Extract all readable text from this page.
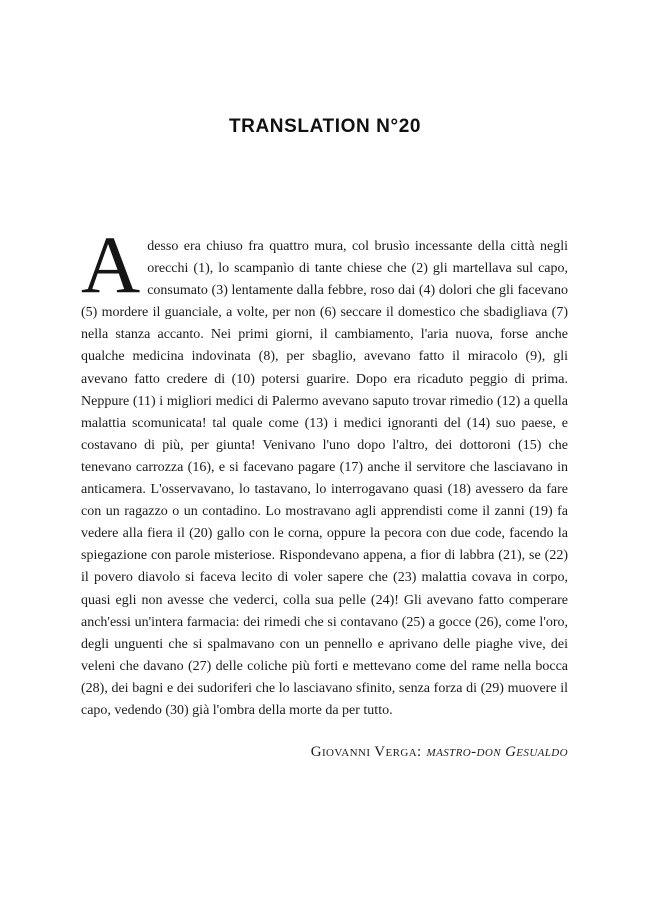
TRANSLATION N°20

Adesso era chiuso fra quattro mura, col brusìo incessante della città negli orecchi (1), lo scampanìo di tante chiese che (2) gli martellava sul capo, consumato (3) lentamente dalla febbre, roso dai (4) dolori che gli facevano (5) mordere il guanciale, a volte, per non (6) seccare il domestico che sbadigliava (7) nella stanza accanto. Nei primi giorni, il cambiamento, l'aria nuova, forse anche qualche medicina indovinata (8), per sbaglio, avevano fatto il miracolo (9), gli avevano fatto credere di (10) potersi guarire. Dopo era ricaduto peggio di prima. Neppure (11) i migliori medici di Palermo avevano saputo trovar rimedio (12) a quella malattia scomunicata! tal quale come (13) i medici ignoranti del (14) suo paese, e costavano di più, per giunta! Venivano l'uno dopo l'altro, dei dottoroni (15) che tenevano carrozza (16), e si facevano pagare (17) anche il servitore che lasciavano in anticamera. L'osservavano, lo tastavano, lo interrogavano quasi (18) avessero da fare con un ragazzo o un contadino. Lo mostravano agli apprendisti come il zanni (19) fa vedere alla fiera il (20) gallo con le corna, oppure la pecora con due code, facendo la spiegazione con parole misteriose. Rispondevano appena, a fior di labbra (21), se (22) il povero diavolo si faceva lecito di voler sapere che (23) malattia covava in corpo, quasi egli non avesse che vederci, colla sua pelle (24)! Gli avevano fatto comperare anch'essi un'intera farmacia: dei rimedi che si contavano (25) a gocce (26), come l'oro, degli unguenti che si spalmavano con un pennello e aprivano delle piaghe vive, dei veleni che davano (27) delle coliche più forti e mettevano come del rame nella bocca (28), dei bagni e dei sudoriferi che lo lasciavano sfinito, senza forza di (29) muovere il capo, vedendo (30) già l'ombra della morte da per tutto.

Giovanni Verga: mastro-don Gesualdo
